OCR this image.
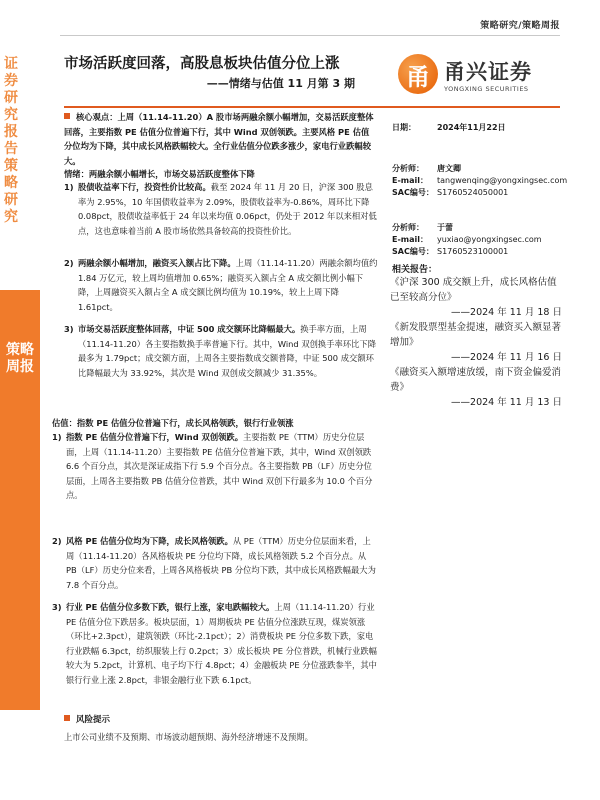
策略研究/策略周报
市场活跃度回落，高股息板块估值分位上涨
——情绪与估值 11 月第 3 期	甬 甬兴证券
YONGXING SECURITIES
证券研究报告 策略研究
策略周报
核心观点：上周（11.14-11.20）A 股市场两融余额小幅增加，交易活跃度整体回落，主要指数 PE 估值分位普遍下行，其中 Wind 双创领跌。主要风格 PE 估值分位均为下降，其中成长风格跌幅较大。全行业估值分位跌多涨少，家电行业跌幅较大。
情绪：两融余额小幅增长，市场交易活跃度整体下降
1) 股债收益率下行，投资性价比较高。截至 2024 年 11 月 20 日，沪深 300 股息率为 2.95%，10 年国债收益率为 2.09%，股债收益率为-0.86%，周环比下降 0.08pct，股债收益率低于 24 年以来均值 0.06pct，仍处于 2012 年以来相对低点，这也意味着当前 A 股市场依然具备较高的投资性价比。
2) 两融余额小幅增加，融资买入额占比下降。上周（11.14-11.20）两融余额均值约 1.84 万亿元，较上周均值增加 0.65%；融资买入额占全 A 成交额比例小幅下降，上周融资买入额占全 A 成交额比例均值为 10.19%，较上上周下降 1.61pct。
3) 市场交易活跃度整体回落，中证 500 成交额环比降幅最大。换手率方面，上周（11.14-11.20）各主要指数换手率普遍下行。其中，Wind 双创换手率环比下降最多为 1.79pct；成交额方面，上周各主要指数成交额普降，中证 500 成交额环比降幅最大为 33.92%，其次是 Wind 双创成交额减少 31.35%。
估值：指数 PE 估值分位普遍下行，成长风格领跌，银行行业领涨
1) 指数 PE 估值分位普遍下行，Wind 双创领跌。主要指数 PE（TTM）历史分位层面，上周（11.14-11.20）主要指数 PE 估值分位普遍下跌，其中，Wind 双创领跌 6.6 个百分点，其次是深证成指下行 5.9 个百分点。各主要指数 PB（LF）历史分位层面，上周各主要指数 PB 估值分位普跌，其中 Wind 双创下行最多为 10.0 个百分点。
2) 风格 PE 估值分位均为下降，成长风格领跌。从 PE（TTM）历史分位层面来看，上周（11.14-11.20）各风格板块 PE 分位均下降，成长风格领跌 5.2 个百分点。从 PB（LF）历史分位来看，上周各风格板块 PB 分位均下跌，其中成长风格跌幅最大为 7.8 个百分点。
3) 行业 PE 估值分位多数下跌，银行上涨，家电跌幅较大。上周（11.14-11.20）行业 PE 估值分位下跌居多。板块层面，1）周期板块 PE 估值分位涨跌互现，煤炭领涨（环比+2.3pct），建筑领跌（环比-2.1pct）；2）消费板块 PE 分位多数下跌，家电行业跌幅 6.3pct，纺织服装上行 0.2pct；3）成长板块 PE 分位普跌，机械行业跌幅较大为 5.2pct，计算机、电子均下行 4.8pct；4）金融板块 PE 分位涨跌参半，其中银行行业上涨 2.8pct，非银金融行业下跌 6.1pct。
风险提示
上市公司业绩不及预期、市场波动超预期、海外经济增速不及预期。
日期：	2024年11月22日
分析师： 唐文卿
E-mail： tangwenqing@yongxingsec.com
SAC编号： S1760524050001
分析师： 于蕾
E-mail： yuxiao@yongxingsec.com
SAC编号： S1760523100001
相关报告：
《沪深 300 成交额上升，成长风格估值已至较高分位》
——2024 年 11 月 18 日
《新发股票型基金提速，融资买入额显著增加》
——2024 年 11 月 16 日
《融资买入额增速放缓，南下资金偏爱消费》
——2024 年 11 月 13 日
